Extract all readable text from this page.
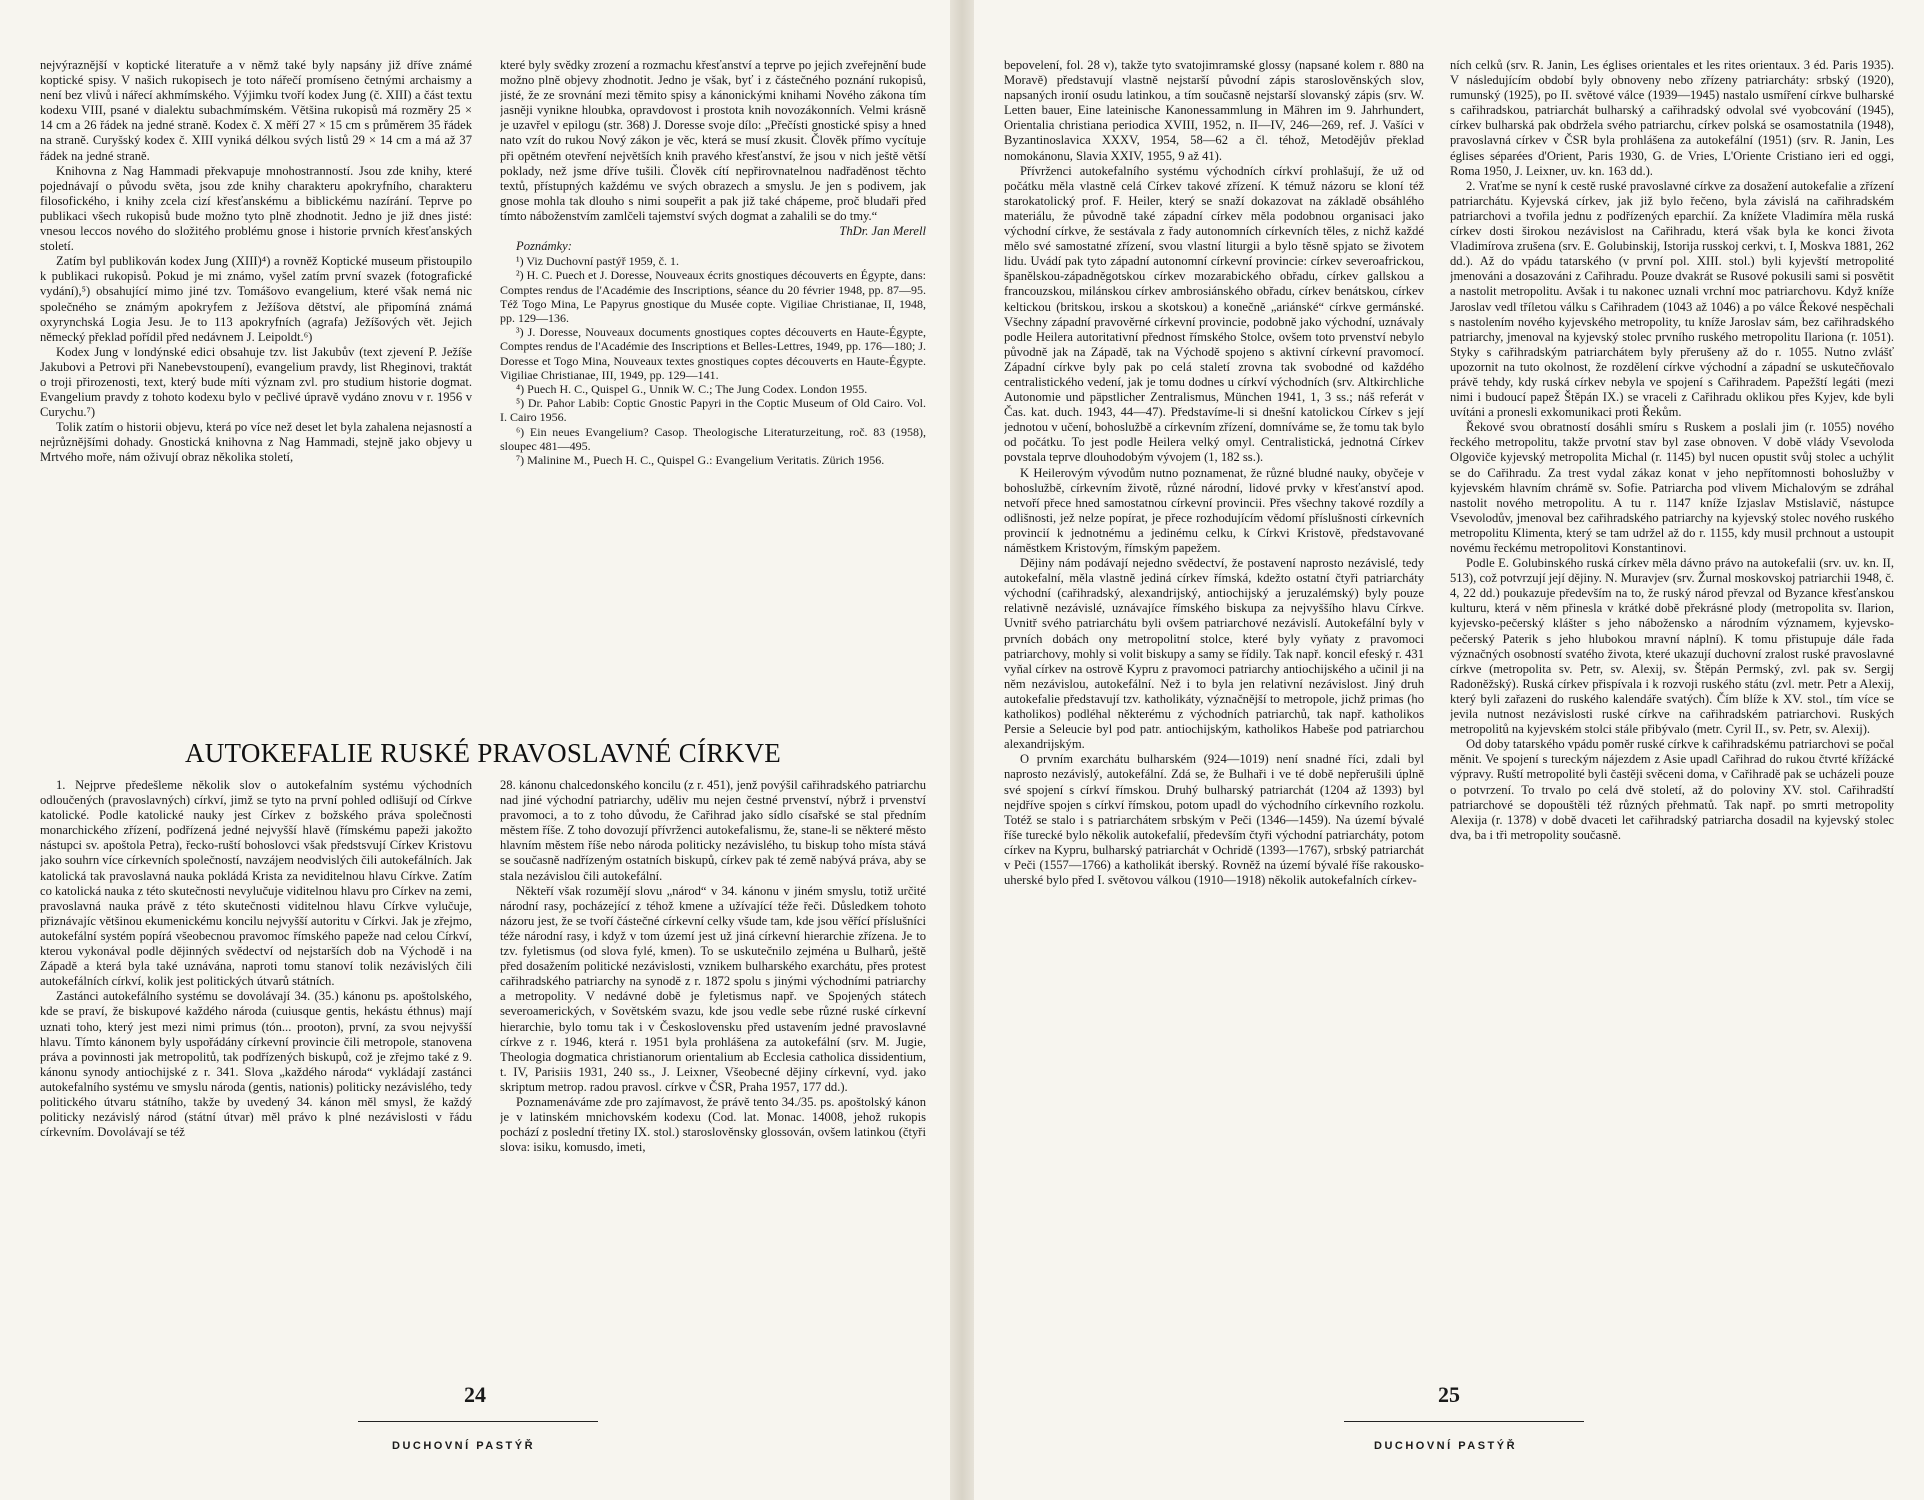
nejvýraznější v koptické literatuře a v němž také byly napsány již dříve známé koptické spisy. V našich rukopisech je toto nářečí promíseno četnými archaismy a není bez vlivů i nářecí akhmímského. Výjimku tvoří kodex Jung (č. XIII) a část textu kodexu VIII, psané v dialektu subachmímském. Většina rukopisů má rozměry 25 × 14 cm a 26 řádek na jedné straně. Kodex č. X měří 27 × 15 cm s průměrem 35 řádek na straně. Curyšský kodex č. XIII vyniká délkou svých listů 29 × 14 cm a má až 37 řádek na jedné straně.

Knihovna z Nag Hammadi překvapuje mnohostranností. Jsou zde knihy, které pojednávají o původu světa, jsou zde knihy charakteru apokryfního, charakteru filosofického, i knihy zcela cizí křesťanskému a biblickému nazírání. Teprve po publikaci všech rukopisů bude možno tyto plně zhodnotit. Jedno je již dnes jisté: vnesou leccos nového do složitého problému gnose i historie prvních křesťanských století.

Zatím byl publikován kodex Jung (XIII)⁴) a rovněž Koptické museum přistoupilo k publikaci rukopisů. Pokud je mi známo, vyšel zatím první svazek (fotografické vydání),⁵) obsahující mimo jiné tzv. Tomášovo evangelium, které však nemá nic společného se známým apokryfem z Ježíšova dětství, ale připomíná známá oxyrynchská Logia Jesu. Je to 113 apokryfních (agrafa) Ježíšových vět. Jejich německý překlad pořídil před nedávnem J. Leipoldt.⁶)

Kodex Jung v londýnské edici obsahuje tzv. list Jakubův (text zjevení P. Ježíše Jakubovi a Petrovi při Nanebevstoupení), evangelium pravdy, list Rheginovi, traktát o troji přirozenosti, text, který bude míti význam zvl. pro studium historie dogmat. Evangelium pravdy z tohoto kodexu bylo v pečlivé úpravě vydáno znovu v r. 1956 v Curychu.⁷)

Tolik zatím o historii objevu, která po více než deset let byla zahalena nejasností a nejrůznějšími dohady. Gnostická knihovna z Nag Hammadi, stejně jako objevy u Mrtvého moře, nám oživují obraz několika století,

které byly svědky zrození a rozmachu křesťanství a teprve po jejich zveřejnění bude možno plně objevy zhodnotit. Jedno je však, byť i z částečného poznání rukopisů, jisté, že ze srovnání mezi těmito spisy a kánonickými knihami Nového zákona tím jasněji vynikne hloubka, opravdovost i prostota knih novozákonních. Velmi krásně je uzavřel v epilogu (str. 368) J. Doresse svoje dílo: „Přečísti gnostické spisy a hned nato vzít do rukou Nový zákon je věc, která se musí zkusit. Člověk přímo vycítuje při opětném otevření největších knih pravého křesťanství, že jsou v nich ještě větší poklady, než jsme dříve tušili. Člověk cítí nepřirovnatelnou nadřaděnost těchto textů, přístupných každému ve svých obrazech a smyslu. Je jen s podivem, jak gnose mohla tak dlouho s nimi soupeřit a pak již také chápeme, proč bludaři před tímto náboženstvím zamlčeli tajemství svých dogmat a zahalili se do tmy.“

ThDr. Jan Merell

Poznámky:

¹) Viz Duchovní pastýř 1959, č. 1.

²) H. C. Puech et J. Doresse, Nouveaux écrits gnostiques découverts en Égypte, dans: Comptes rendus de l'Académie des Inscriptions, séance du 20 février 1948, pp. 87—95. Též Togo Mina, Le Papyrus gnostique du Musée copte. Vigiliae Christianae, II, 1948, pp. 129—136.

³) J. Doresse, Nouveaux documents gnostiques coptes découverts en Haute-Égypte, Comptes rendus de l'Académie des Inscriptions et Belles-Lettres, 1949, pp. 176—180; J. Doresse et Togo Mina, Nouveaux textes gnostiques coptes découverts en Haute-Égypte. Vigiliae Christianae, III, 1949, pp. 129—141.

⁴) Puech H. C., Quispel G., Unnik W. C.; The Jung Codex. London 1955.

⁵) Dr. Pahor Labib: Coptic Gnostic Papyri in the Coptic Museum of Old Cairo. Vol. I. Cairo 1956.

⁶) Ein neues Evangelium? Casop. Theologische Literaturzeitung, roč. 83 (1958), sloupec 481—495.

⁷) Malinine M., Puech H. C., Quispel G.: Evangelium Veritatis. Zürich 1956.

AUTOKEFALIE RUSKÉ PRAVOSLAVNÉ CÍRKVE

1. Nejprve předešleme několik slov o autokefalním systému východních odloučených (pravoslavných) církví, jimž se tyto na první pohled odlišují od Církve katolické. Podle katolické nauky jest Církev z božského práva společnosti monarchického zřízení, podřízená jedné nejvyšší hlavě (římskému papeži jakožto nástupci sv. apoštola Petra), řecko-ruští bohoslovci však předstsvují Církev Kristovu jako souhrn více církevních společností, navzájem neodvislých čili autokefálních. Jak katolická tak pravoslavná nauka pokládá Krista za neviditelnou hlavu Církve. Zatím co katolická nauka z této skutečnosti nevylučuje viditelnou hlavu pro Církev na zemi, pravoslavná nauka právě z této skutečnosti viditelnou hlavu Církve vylučuje, přiznávajíc většinou ekumenickému koncilu nejvyšší autoritu v Církvi. Jak je zřejmo, autokefální systém popírá všeobecnou pravomoc římského papeže nad celou Církví, kterou vykonával podle dějinných svědectví od nejstarších dob na Východě i na Západě a která byla také uznávána, naproti tomu stanoví tolik nezávislých čili autokefálních církví, kolik jest politických útvarů státních.

Zastánci autokefálního systému se dovolávají 34. (35.) kánonu ps. apoštolského, kde se praví, že biskupové každého národa (cuiusque gentis, hekástu éthnus) mají uznati toho, který jest mezi nimi primus (tón... prooton), první, za svou nejvyšší hlavu. Tímto kánonem byly uspořádány církevní provincie čili metropole, stanovena práva a povinnosti jak metropolitů, tak podřízených biskupů, což je zřejmo také z 9. kánonu synody antiochijské z r. 341. Slova „každého národa“ vykládají zastánci autokefalního systému ve smyslu národa (gentis, nationis) politicky nezávislého, tedy politického útvaru státního, takže by uvedený 34. kánon měl smysl, že každý politicky nezávislý národ (státní útvar) měl právo k plné nezávislosti v řádu církevním. Dovolávají se též

28. kánonu chalcedonského koncilu (z r. 451), jenž povýšil cařihradského patriarchu nad jiné východní patriarchy, uděliv mu nejen čestné prvenství, nýbrž i prvenství pravomoci, a to z toho důvodu, že Cařihrad jako sídlo císařské se stal předním městem říše. Z toho dovozují přívrženci autokefalismu, že, stane-li se některé město hlavním městem říše nebo národa politicky nezávislého, tu biskup toho místa stává se současně nadřízeným ostatních biskupů, církev pak té země nabývá práva, aby se stala nezávislou čili autokefální.

Někteří však rozumějí slovu „národ“ v 34. kánonu v jiném smyslu, totiž určité národní rasy, pocházející z téhož kmene a užívající téže řeči. Důsledkem tohoto názoru jest, že se tvoří částečné církevní celky všude tam, kde jsou věřící příslušníci téže národní rasy, i když v tom území jest už jiná církevní hierarchie zřízena. Je to tzv. fyletismus (od slova fylé, kmen). To se uskutečnilo zejména u Bulharů, ještě před dosažením politické nezávislosti, vznikem bulharského exarchátu, přes protest cařihradského patriarchy na synodě z r. 1872 spolu s jinými východními patriarchy a metropolity. V nedávné době je fyletismus např. ve Spojených státech severoamerických, v Sovětském svazu, kde jsou vedle sebe různé ruské církevní hierarchie, bylo tomu tak i v Československu před ustavením jedné pravoslavné církve z r. 1946, která r. 1951 byla prohlášena za autokefální (srv. M. Jugie, Theologia dogmatica christianorum orientalium ab Ecclesia catholica dissidentium, t. IV, Parisiis 1931, 240 ss., J. Leixner, Všeobecné dějiny církevní, vyd. jako skriptum metrop. radou pravosl. církve v ČSR, Praha 1957, 177 dd.).

Poznamenáváme zde pro zajímavost, že právě tento 34./35. ps. apoštolský kánon je v latinském mnichovském kodexu (Cod. lat. Monac. 14008, jehož rukopis pochází z poslední třetiny IX. stol.) staroslověnsky glossován, ovšem latinkou (čtyři slova: isiku, komusdo, imeti,

24
DUCHOVNÍ PASTÝŘ

bepovelení, fol. 28 v), takže tyto svatojimramské glossy (napsané kolem r. 880 na Moravě) představují vlastně nejstarší původní zápis staroslověnských slov, napsaných ironií osudu latinkou, a tím současně nejstarší slovanský zápis (srv. W. Letten bauer, Eine lateinische Kanonessammlung in Mähren im 9. Jahrhundert, Orientalia christiana periodica XVIII, 1952, n. II—IV, 246—269, ref. J. Vašíci v Byzantinoslavica XXXV, 1954, 58—62 a čl. téhož, Metodějův překlad nomokánonu, Slavia XXIV, 1955, 9 až 41).

Přívrženci autokefalního systému východních církví prohlašují, že už od počátku měla vlastně celá Církev takové zřízení. K témuž názoru se kloní též starokatolický prof. F. Heiler, který se snaží dokazovat na základě obsáhlého materiálu, že původně také západní církev měla podobnou organisaci jako východní církve, že sestávala z řady autonomních církevních těles, z nichž každé mělo své samostatné zřízení, svou vlastní liturgii a bylo těsně spjato se životem lidu. Uvádí pak tyto západní autonomní církevní provincie: církev severoafrickou, španělskou-západněgotskou církev mozarabického obřadu, církev gallskou a francouzskou, milánskou církev ambrosiánského obřadu, církev benátskou, církev keltickou (britskou, irskou a skotskou) a konečně „ariánské“ církve germánské. Všechny západní pravověrné církevní provincie, podobně jako východní, uznávaly podle Heilera autoritativní přednost římského Stolce, ovšem toto prvenství nebylo původně jak na Západě, tak na Východě spojeno s aktivní církevní pravomocí. Západní církve byly pak po celá staletí zrovna tak svobodné od každého centralistického vedení, jak je tomu dodnes u církví východních (srv. Altkirchliche Autonomie und päpstlicher Zentralismus, München 1941, 1, 3 ss.; náš referát v Čas. kat. duch. 1943, 44—47). Představíme-li si dnešní katolickou Církev s její jednotou v učení, bohoslužbě a církevním zřízení, domníváme se, že tomu tak bylo od počátku. To jest podle Heilera velký omyl. Centralistická, jednotná Církev povstala teprve dlouhodobým vývojem (1, 182 ss.).

K Heilerovým vývodům nutno poznamenat, že různé bludné nauky, obyčeje v bohoslužbě, církevním životě, různé národní, lidové prvky v křesťanství apod. netvoří přece hned samostatnou církevní provincii. Přes všechny takové rozdíly a odlišnosti, jež nelze popírat, je přece rozhodujícím vědomí příslušnosti církevních provincií k jednotnému a jedinému celku, k Církvi Kristově, představované náměstkem Kristovým, římským papežem.

Dějiny nám podávají nejedno svědectví, že postavení naprosto nezávislé, tedy autokefalní, měla vlastně jediná církev římská, kdežto ostatní čtyři patriarcháty východní (cařihradský, alexandrijský, antiochijský a jeruzalémský) byly pouze relativně nezávislé, uznávajíce římského biskupa za nejvyššího hlavu Církve. Uvnitř svého patriarchátu byli ovšem patriarchové nezávislí. Autokefální byly v prvních dobách ony metropolitní stolce, které byly vyňaty z pravomoci patriarchovy, mohly si volit biskupy a samy se řídily. Tak např. koncil efeský r. 431 vyňal církev na ostrově Kypru z pravomoci patriarchy antiochijského a učinil ji na něm nezávislou, autokefální. Než i to byla jen relativní nezávislost. Jiný druh autokefalie představují tzv. katholikáty, význačnější to metropole, jichž primas (ho katholikos) podléhal některému z východních patriarchů, tak např. katholikos Persie a Seleucie byl pod patr. antiochijským, katholikos Habeše pod patriarchou alexandrijským.

O prvním exarchátu bulharském (924—1019) není snadné říci, zdali byl naprosto nezávislý, autokefální. Zdá se, že Bulhaři i ve té době nepřerušili úplně své spojení s církví římskou. Druhý bulharský patriarchát (1204 až 1393) byl nejdříve spojen s církví římskou, potom upadl do východního církevního rozkolu. Totéž se stalo i s patriarchátem srbským v Peči (1346—1459). Na území bývalé říše turecké bylo několik autokefalií, především čtyři východní patriarcháty, potom církev na Kypru, bulharský patriarchát v Ochridě (1393—1767), srbský patriarchát v Peči (1557—1766) a katholikát iberský. Rovněž na území bývalé říše rakousko-uherské bylo před I. světovou válkou (1910—1918) několik autokefalních církev-

ních celků (srv. R. Janin, Les églises orientales et les rites orientaux. 3 éd. Paris 1935). V následujícím období byly obnoveny nebo zřízeny patriarcháty: srbský (1920), rumunský (1925), po II. světové válce (1939—1945) nastalo usmíření církve bulharské s cařihradskou, patriarchát bulharský a cařihradský odvolal své vyobcování (1945), církev bulharská pak obdržela svého patriarchu, církev polská se osamostatnila (1948), pravoslavná církev v ČSR byla prohlášena za autokefální (1951) (srv. R. Janin, Les églises séparées d'Orient, Paris 1930, G. de Vries, L'Oriente Cristiano ieri ed oggi, Roma 1950, J. Leixner, uv. kn. 163 dd.).

2. Vraťme se nyní k cestě ruské pravoslavné církve za dosažení autokefalie a zřízení patriarchátu. Kyjevská církev, jak již bylo řečeno, byla závislá na cařihradském patriarchovi a tvořila jednu z podřízených eparchií. Za knížete Vladimíra měla ruská církev dosti širokou nezávislost na Cařihradu, která však byla ke konci života Vladimírova zrušena (srv. E. Golubinskij, Istorija russkoj cerkvi, t. I, Moskva 1881, 262 dd.). Až do vpádu tatarského (v první pol. XIII. stol.) byli kyjevští metropolité jmenováni a dosazováni z Cařihradu. Pouze dvakrát se Rusové pokusili sami si posvětit a nastolit metropolitu. Avšak i tu nakonec uznali vrchní moc patriarchovu. Když kníže Jaroslav vedl tříletou válku s Cařihradem (1043 až 1046) a po válce Řekové nespěchali s nastolením nového kyjevského metropolity, tu kníže Jaroslav sám, bez cařihradského patriarchy, jmenoval na kyjevský stolec prvního ruského metropolitu Ilariona (r. 1051). Styky s cařihradským patriarchátem byly přerušeny až do r. 1055. Nutno zvlášť upozornit na tuto okolnost, že rozdělení církve východní a západní se uskutečňovalo právě tehdy, kdy ruská církev nebyla ve spojení s Cařihradem. Papežští legáti (mezi nimi i budoucí papež Štěpán IX.) se vraceli z Cařihradu oklikou přes Kyjev, kde byli uvítáni a pronesli exkomunikaci proti Řekům.

Řekové svou obratností dosáhli smíru s Ruskem a poslali jim (r. 1055) nového řeckého metropolitu, takže prvotní stav byl zase obnoven. V době vlády Vsevoloda Olgoviče kyjevský metropolita Michal (r. 1145) byl nucen opustit svůj stolec a uchýlit se do Cařihradu. Za trest vydal zákaz konat v jeho nepřítomnosti bohoslužby v kyjevském hlavním chrámě sv. Sofie. Patriarcha pod vlivem Michalovým se zdráhal nastolit nového metropolitu. A tu r. 1147 kníže Izjaslav Mstislavič, nástupce Vsevolodův, jmenoval bez cařihradského patriarchy na kyjevský stolec nového ruského metropolitu Klimenta, který se tam udržel až do r. 1155, kdy musil prchnout a ustoupit novému řeckému metropolitovi Konstantinovi.

Podle E. Golubinského ruská církev měla dávno právo na autokefalii (srv. uv. kn. II, 513), což potvrzují její dějiny. N. Muravjev (srv. Žurnal moskovskoj patriarchii 1948, č. 4, 22 dd.) poukazuje především na to, že ruský národ převzal od Byzance křesťanskou kulturu, která v něm přinesla v krátké době překrásné plody (metropolita sv. Ilarion, kyjevsko-pečerský klášter s jeho nábožensko a národním významem, kyjevsko-pečerský Paterik s jeho hlubokou mravní náplní). K tomu přistupuje dále řada význačných osobností svatého života, které ukazují duchovní zralost ruské pravoslavné církve (metropolita sv. Petr, sv. Alexij, sv. Štěpán Permský, zvl. pak sv. Sergij Radoněžský). Ruská církev přispívala i k rozvoji ruského státu (zvl. metr. Petr a Alexij, který byli zařazeni do ruského kalendáře svatých). Čím blíže k XV. stol., tím více se jevila nutnost nezávislosti ruské církve na cařihradském patriarchovi. Ruských metropolitů na kyjevském stolci stále přibývalo (metr. Cyril II., sv. Petr, sv. Alexij).

Od doby tatarského vpádu poměr ruské církve k cařihradskému patriarchovi se počal měnit. Ve spojení s tureckým nájezdem z Asie upadl Cařihrad do rukou čtvrté křížácké výpravy. Ruští metropolité byli častěji svěceni doma, v Cařihradě pak se ucházeli pouze o potvrzení. To trvalo po celá dvě století, až do poloviny XV. stol. Cařihradští patriarchové se dopouštěli též různých přehmatů. Tak např. po smrti metropolity Alexija (r. 1378) v době dvaceti let cařihradský patriarcha dosadil na kyjevský stolec dva, ba i tři metropolity současně.

25
DUCHOVNÍ PASTÝŘ
